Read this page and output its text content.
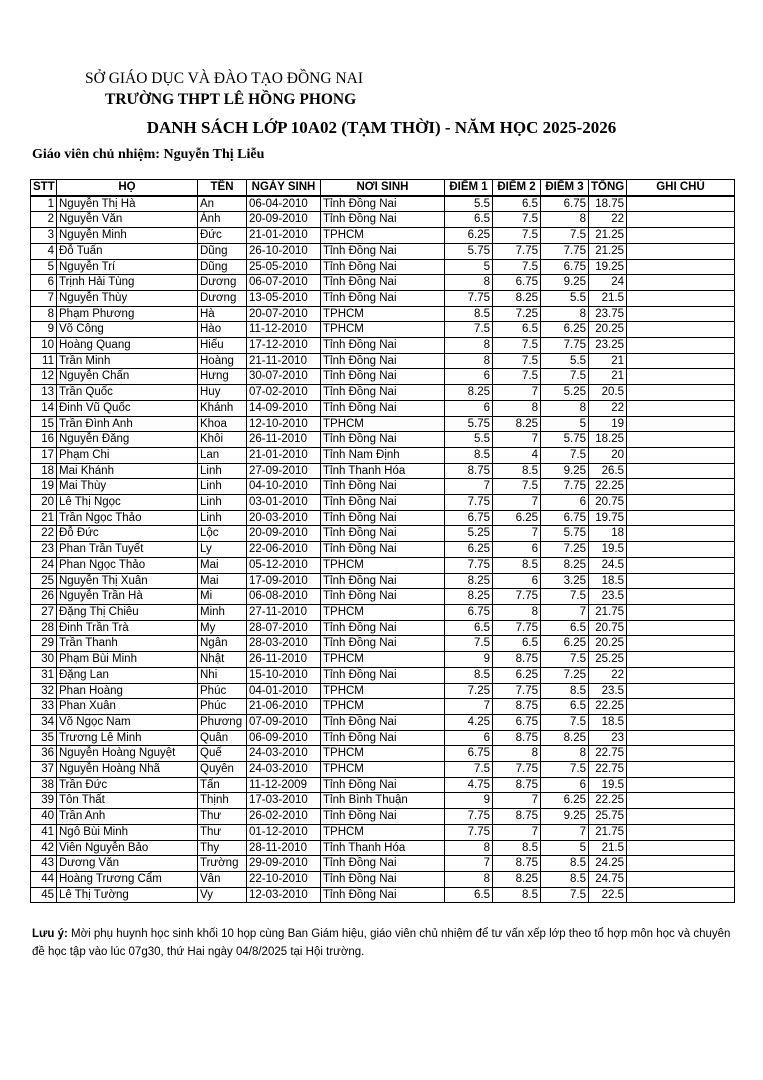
SỞ GIÁO DỤC VÀ ĐÀO TẠO ĐỒNG NAI
TRƯỜNG THPT LÊ HỒNG PHONG
DANH SÁCH LỚP 10A02 (TẠM THỜI) - NĂM HỌC 2025-2026
Giáo viên chủ nhiệm: Nguyễn Thị Liễu
STT	HỌ	TÊN	NGÀY SINH	NƠI SINH	ĐIỂM 1	ĐIỂM 2	ĐIỂM 3	TỔNG	GHI CHÚ
1	Nguyễn Thị Hà	An	06-04-2010	Tỉnh Đồng Nai	5.5	6.5	6.75	18.75	
2	Nguyễn Văn	Ánh	20-09-2010	Tỉnh Đồng Nai	6.5	7.5	8	22	
3	Nguyễn Minh	Đức	21-01-2010	TPHCM	6.25	7.5	7.5	21.25	
4	Đỗ Tuấn	Dũng	26-10-2010	Tỉnh Đồng Nai	5.75	7.75	7.75	21.25	
5	Nguyễn Trí	Dũng	25-05-2010	Tỉnh Đồng Nai	5	7.5	6.75	19.25	
6	Trịnh Hải Tùng	Dương	06-07-2010	Tỉnh Đồng Nai	8	6.75	9.25	24	
7	Nguyễn Thùy	Dương	13-05-2010	Tỉnh Đồng Nai	7.75	8.25	5.5	21.5	
8	Phạm Phương	Hà	20-07-2010	TPHCM	8.5	7.25	8	23.75	
9	Võ Công	Hào	11-12-2010	TPHCM	7.5	6.5	6.25	20.25	
10	Hoàng Quang	Hiếu	17-12-2010	Tỉnh Đồng Nai	8	7.5	7.75	23.25	
11	Trần Minh	Hoàng	21-11-2010	Tỉnh Đồng Nai	8	7.5	5.5	21	
12	Nguyễn Chấn	Hưng	30-07-2010	Tỉnh Đồng Nai	6	7.5	7.5	21	
13	Trần Quốc	Huy	07-02-2010	Tỉnh Đồng Nai	8.25	7	5.25	20.5	
14	Đinh Vũ Quốc	Khánh	14-09-2010	Tỉnh Đồng Nai	6	8	8	22	
15	Trần Đình Anh	Khoa	12-10-2010	TPHCM	5.75	8.25	5	19	
16	Nguyễn Đăng	Khôi	26-11-2010	Tỉnh Đồng Nai	5.5	7	5.75	18.25	
17	Phạm Chi	Lan	21-01-2010	Tỉnh Nam Định	8.5	4	7.5	20	
18	Mai Khánh	Linh	27-09-2010	Tỉnh Thanh Hóa	8.75	8.5	9.25	26.5	
19	Mai Thùy	Linh	04-10-2010	Tỉnh Đồng Nai	7	7.5	7.75	22.25	
20	Lê Thị Ngọc	Linh	03-01-2010	Tỉnh Đồng Nai	7.75	7	6	20.75	
21	Trần Ngọc Thảo	Linh	20-03-2010	Tỉnh Đồng Nai	6.75	6.25	6.75	19.75	
22	Đỗ Đức	Lộc	20-09-2010	Tỉnh Đồng Nai	5.25	7	5.75	18	
23	Phan Trần Tuyết	Ly	22-06-2010	Tỉnh Đồng Nai	6.25	6	7.25	19.5	
24	Phan Ngọc Thảo	Mai	05-12-2010	TPHCM	7.75	8.5	8.25	24.5	
25	Nguyễn Thị Xuân	Mai	17-09-2010	Tỉnh Đồng Nai	8.25	6	3.25	18.5	
26	Nguyễn Trần Hà	Mi	06-08-2010	Tỉnh Đồng Nai	8.25	7.75	7.5	23.5	
27	Đặng Thị Chiêu	Minh	27-11-2010	TPHCM	6.75	8	7	21.75	
28	Đinh Trần Trà	My	28-07-2010	Tỉnh Đồng Nai	6.5	7.75	6.5	20.75	
29	Trần Thanh	Ngân	28-03-2010	Tỉnh Đồng Nai	7.5	6.5	6.25	20.25	
30	Phạm Bùi Minh	Nhật	26-11-2010	TPHCM	9	8.75	7.5	25.25	
31	Đặng Lan	Nhi	15-10-2010	Tỉnh Đồng Nai	8.5	6.25	7.25	22	
32	Phan Hoàng	Phúc	04-01-2010	TPHCM	7.25	7.75	8.5	23.5	
33	Phan Xuân	Phúc	21-06-2010	TPHCM	7	8.75	6.5	22.25	
34	Võ Ngọc Nam	Phương	07-09-2010	Tỉnh Đồng Nai	4.25	6.75	7.5	18.5	
35	Trương Lê Minh	Quân	06-09-2010	Tỉnh Đồng Nai	6	8.75	8.25	23	
36	Nguyễn Hoàng Nguyệt	Quế	24-03-2010	TPHCM	6.75	8	8	22.75	
37	Nguyễn Hoàng Nhã	Quyên	24-03-2010	TPHCM	7.5	7.75	7.5	22.75	
38	Trần Đức	Tấn	11-12-2009	Tỉnh Đồng Nai	4.75	8.75	6	19.5	
39	Tôn Thất	Thịnh	17-03-2010	Tỉnh Bình Thuận	9	7	6.25	22.25	
40	Trần Anh	Thư	26-02-2010	Tỉnh Đồng Nai	7.75	8.75	9.25	25.75	
41	Ngô Bùi Minh	Thư	01-12-2010	TPHCM	7.75	7	7	21.75	
42	Viên Nguyễn Bảo	Thy	28-11-2010	Tỉnh Thanh Hóa	8	8.5	5	21.5	
43	Dương Văn	Trường	29-09-2010	Tỉnh Đồng Nai	7	8.75	8.5	24.25	
44	Hoàng Trương Cẩm	Vân	22-10-2010	Tỉnh Đồng Nai	8	8.25	8.5	24.75	
45	Lê Thị Tường	Vy	12-03-2010	Tỉnh Đồng Nai	6.5	8.5	7.5	22.5	
Lưu ý: Mời phụ huynh học sinh khối 10 họp cùng Ban Giám hiệu, giáo viên chủ nhiệm để tư vấn xếp lớp theo tổ hợp môn học và chuyên đề học tập vào lúc 07g30, thứ Hai ngày 04/8/2025 tại Hội trường.
